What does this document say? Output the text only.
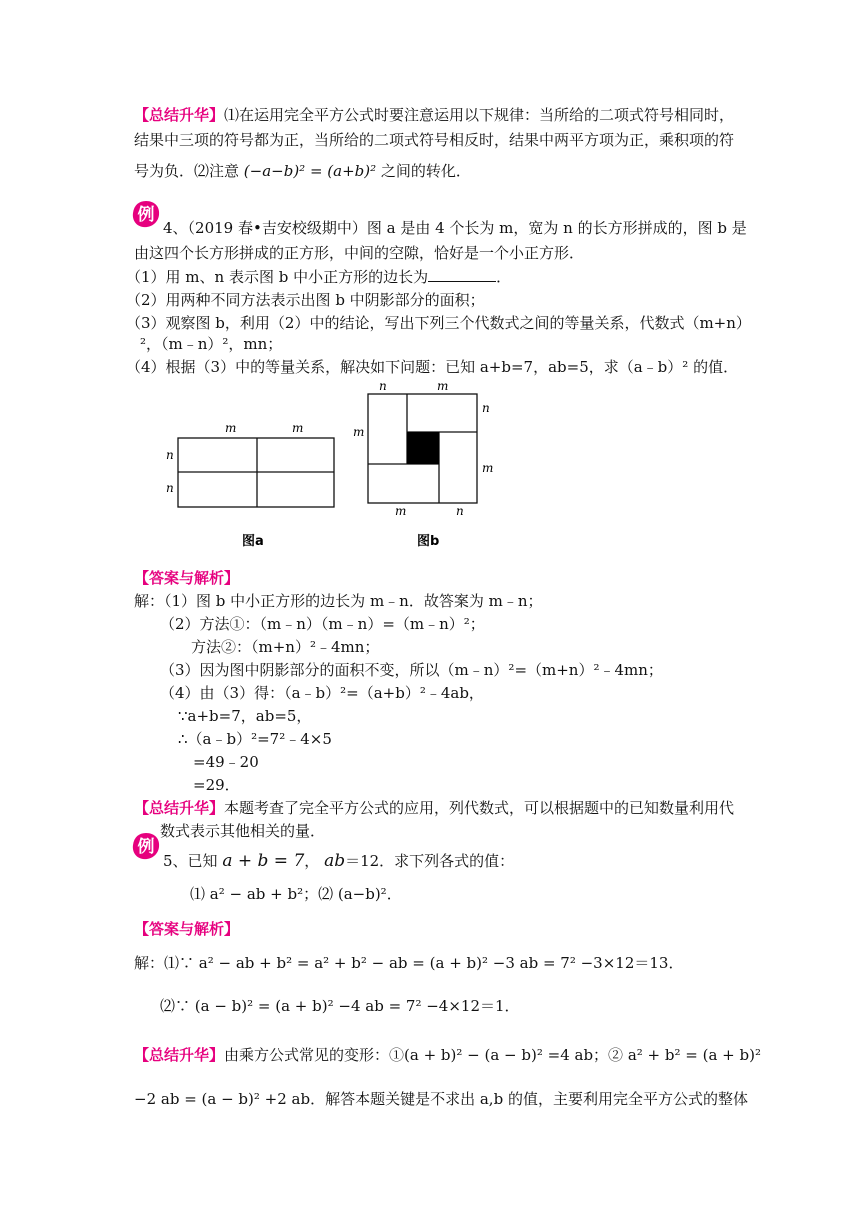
【总结升华】⑴在运用完全平方公式时要注意运用以下规律：当所给的二项式符号相同时，
结果中三项的符号都为正，当所给的二项式符号相反时，结果中两平方项为正，乘积项的符
号为负．⑵注意 (−a−b)² = (a+b)² 之间的转化．
例
4、（2019 春•吉安校级期中）图 a 是由 4 个长为 m，宽为 n 的长方形拼成的，图 b 是
由这四个长方形拼成的正方形，中间的空隙，恰好是一个小正方形．
（1）用 m、n 表示图 b 中小正方形的边长为	．
（2）用两种不同方法表示出图 b 中阴影部分的面积；
（3）观察图 b，利用（2）中的结论，写出下列三个代数式之间的等量关系，代数式（m+n）
²，（m﹣n）²，mn；
（4）根据（3）中的等量关系，解决如下问题：已知 a+b=7，ab=5，求（a﹣b）² 的值．
m	m
n
n
图a
n	m
n
m
m
m	n
图b
【答案与解析】
解：（1）图 b 中小正方形的边长为 m﹣n．故答案为 m﹣n；
（2）方法①：（m﹣n）（m﹣n）=（m﹣n）²；
方法②：（m+n）²﹣4mn；
（3）因为图中阴影部分的面积不变，所以（m﹣n）²=（m+n）²﹣4mn；
（4）由（3）得：（a﹣b）²=（a+b）²﹣4ab，
∵a+b=7，ab=5，
∴（a﹣b）²=7²﹣4×5
=49﹣20
=29．
【总结升华】本题考查了完全平方公式的应用，列代数式，可以根据题中的已知数量利用代
数式表示其他相关的量．
例
5、已知 a + b = 7， ab＝12．求下列各式的值：
⑴ a² − ab + b²；⑵ (a−b)²．
【答案与解析】
解：⑴∵ a² − ab + b² = a² + b² − ab = (a + b)² −3 ab = 7² −3×12＝13．
⑵∵ (a − b)² = (a + b)² −4 ab = 7² −4×12＝1．
【总结升华】由乘方公式常见的变形：①(a + b)² − (a − b)² =4 ab；② a² + b² = (a + b)²
−2 ab = (a − b)² +2 ab．解答本题关键是不求出 a,b 的值，主要利用完全平方公式的整体
